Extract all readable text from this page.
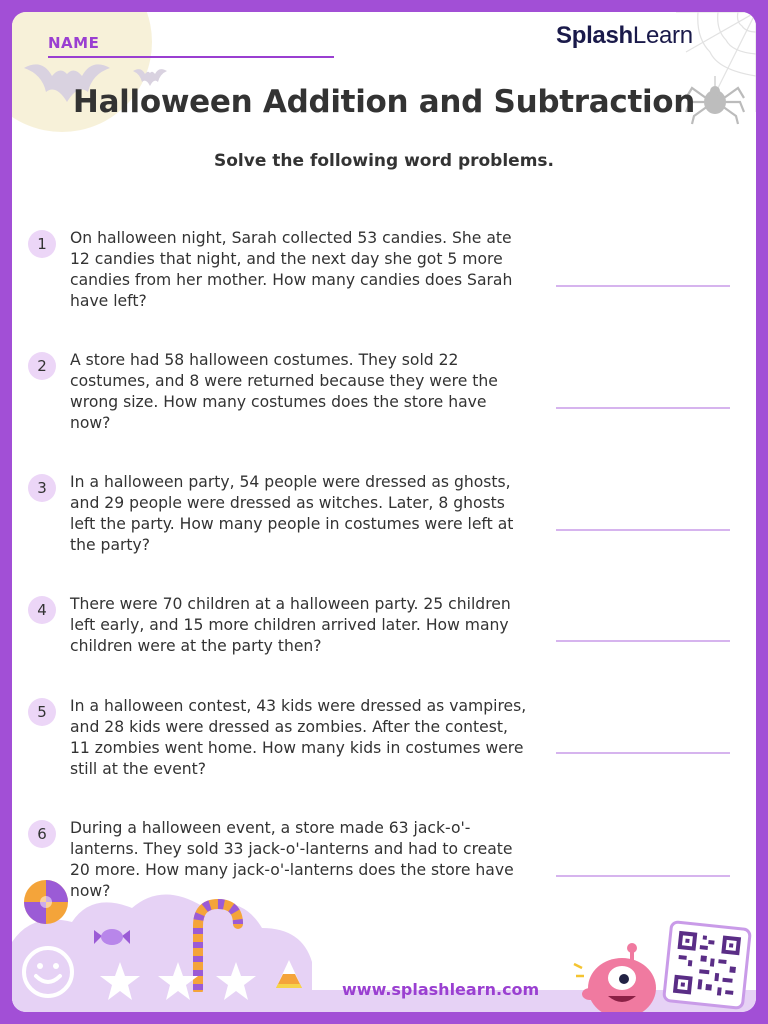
NAME	SplashLearn
Halloween Addition and Subtraction
Solve the following word problems.
1	On halloween night, Sarah collected 53 candies. She ate 12 candies that night, and the next day she got 5 more candies from her mother. How many candies does Sarah have left?
2	A store had 58 halloween costumes. They sold 22 costumes, and 8 were returned because they were the wrong size. How many costumes does the store have now?
3	In a halloween party, 54 people were dressed as ghosts, and 29 people were dressed as witches. Later, 8 ghosts left the party. How many people in costumes were left at the party?
4	There were 70 children at a halloween party. 25 children left early, and 15 more children arrived later. How many children were at the party then?
5	In a halloween contest, 43 kids were dressed as vampires, and 28 kids were dressed as zombies. After the contest, 11 zombies went home. How many kids in costumes were still at the event?
6	During a halloween event, a store made 63 jack-o'-lanterns. They sold 33 jack-o'-lanterns and had to create 20 more. How many jack-o'-lanterns does the store have now?
www.splashlearn.com
